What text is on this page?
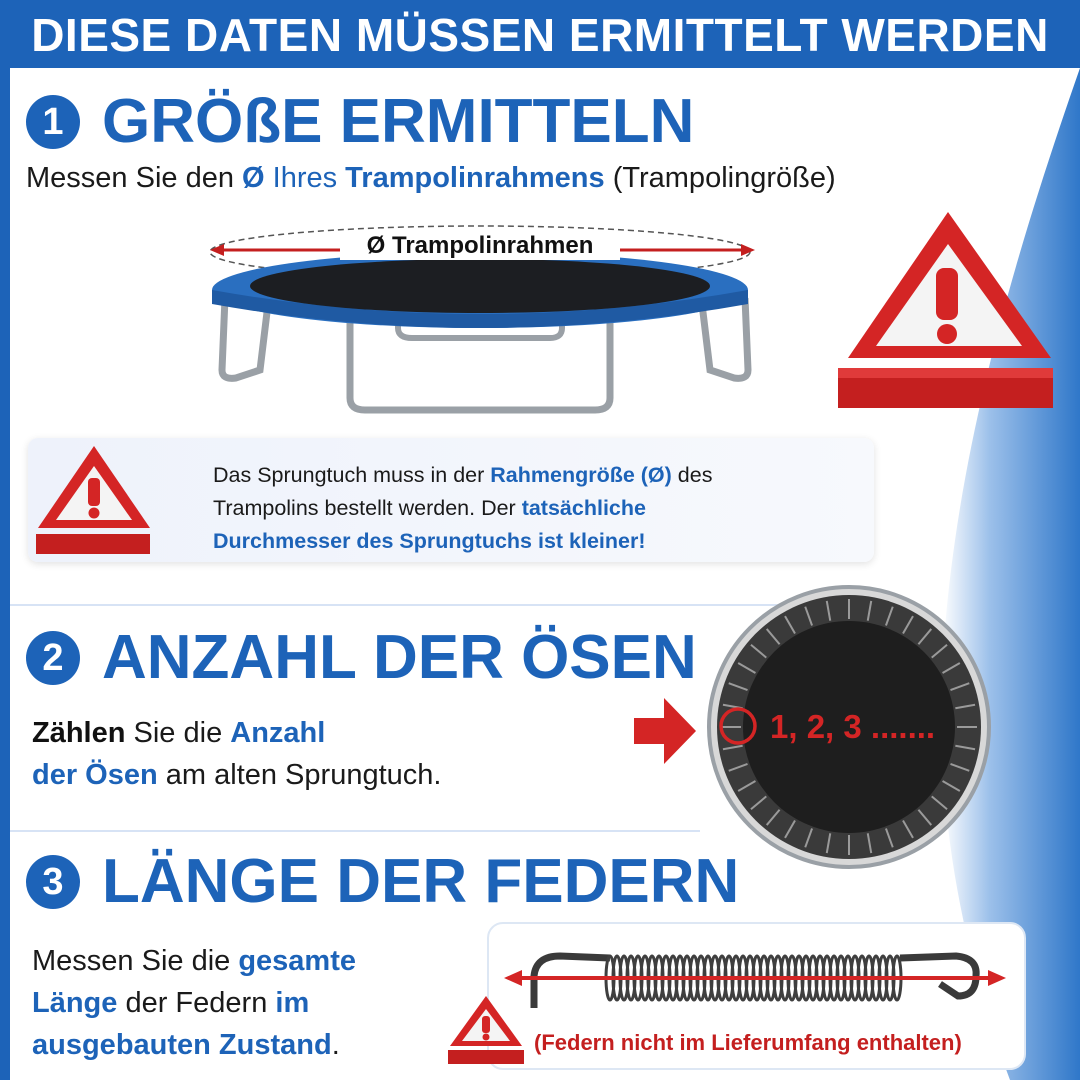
DIESE DATEN MÜSSEN ERMITTELT WERDEN
1 GRÖßE ERMITTELN
Messen Sie den Ø Ihres Trampolinrahmens (Trampolingröße)
Ø Trampolinrahmen
Das Sprungtuch muss in der Rahmengröße (Ø) des
Trampolins bestellt werden. Der tatsächliche
Durchmesser des Sprungtuchs ist kleiner!
2 ANZAHL DER ÖSEN
Zählen Sie die Anzahl
der Ösen am alten Sprungtuch.
1, 2, 3 .......
3 LÄNGE DER FEDERN
Messen Sie die gesamte
Länge der Federn im
ausgebauten Zustand.	(Federn nicht im Lieferumfang enthalten)
